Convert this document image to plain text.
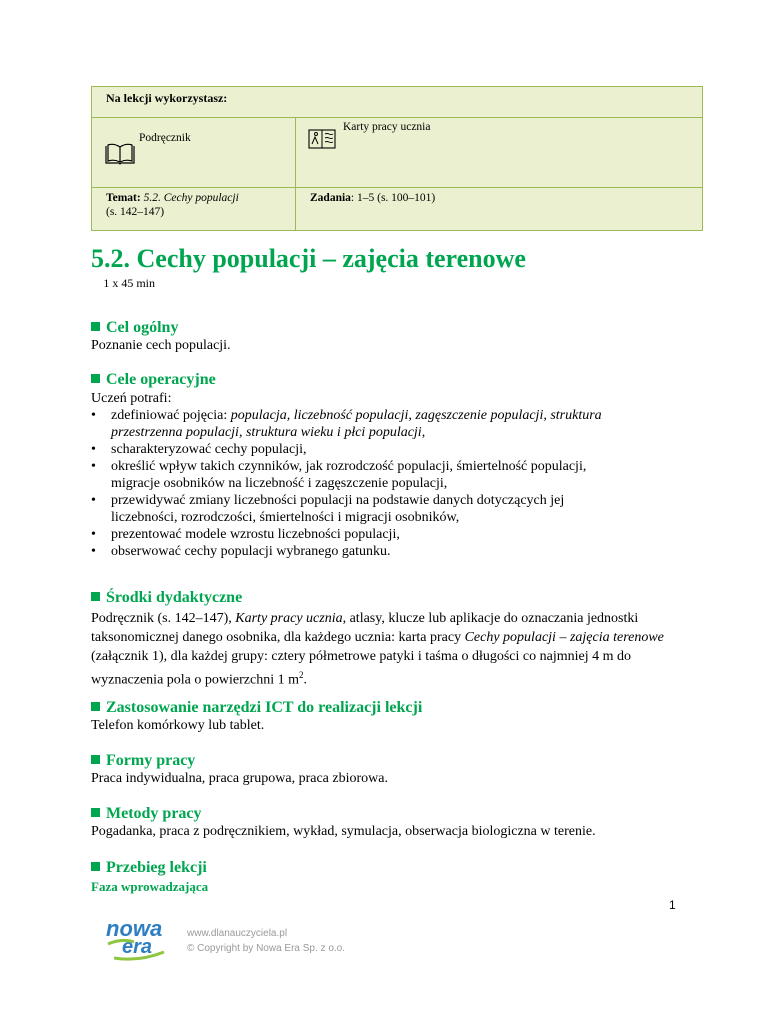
Na lekcji wykorzystasz:	

Podręcznik	Karty pracy ucznia

Temat: 5.2. Cechy populacji
(s. 142–147)	Zadania: 1–5 (s. 100–101)
5.2. Cechy populacji – zajęcia terenowe
  1 x 45 min
Cel ogólny

Poznanie cech populacji.

Cele operacyjne

Uczeń potrafi:

• zdefiniować pojęcia: populacja, liczebność populacji, zagęszczenie populacji, struktura
przestrzenna populacji, struktura wieku i płci populacji,
• scharakteryzować cechy populacji,
• określić wpływ takich czynników, jak rozrodczość populacji, śmiertelność populacji,
migracje osobników na liczebność i zagęszczenie populacji,
• przewidywać zmiany liczebności populacji na podstawie danych dotyczących jej
liczebności, rozrodczości, śmiertelności i migracji osobników,
• prezentować modele wzrostu liczebności populacji,
• obserwować cechy populacji wybranego gatunku.
Środki dydaktyczne

Podręcznik (s. 142–147), Karty pracy ucznia, atlasy, klucze lub aplikacje do oznaczania jednostki taksonomicznej danego osobnika, dla każdego ucznia: karta pracy Cechy populacji – zajęcia terenowe (załącznik 1), dla każdej grupy: cztery półmetrowe patyki i taśma o długości co najmniej 4 m do wyznaczenia pola o powierzchni 1 $m^2$.

Zastosowanie narzędzi ICT do realizacji lekcji

Telefon komórkowy lub tablet.

Formy pracy

Praca indywidualna, praca grupowa, praca zbiorowa.

Metody pracy

Pogadanka, praca z podręcznikiem, wykład, symulacja, obserwacja biologiczna w terenie.

Przebieg lekcji
Faza wprowadzająca
1
nowa
era
www.dlanauczyciela.pl
© Copyright by Nowa Era Sp. z o.o.
